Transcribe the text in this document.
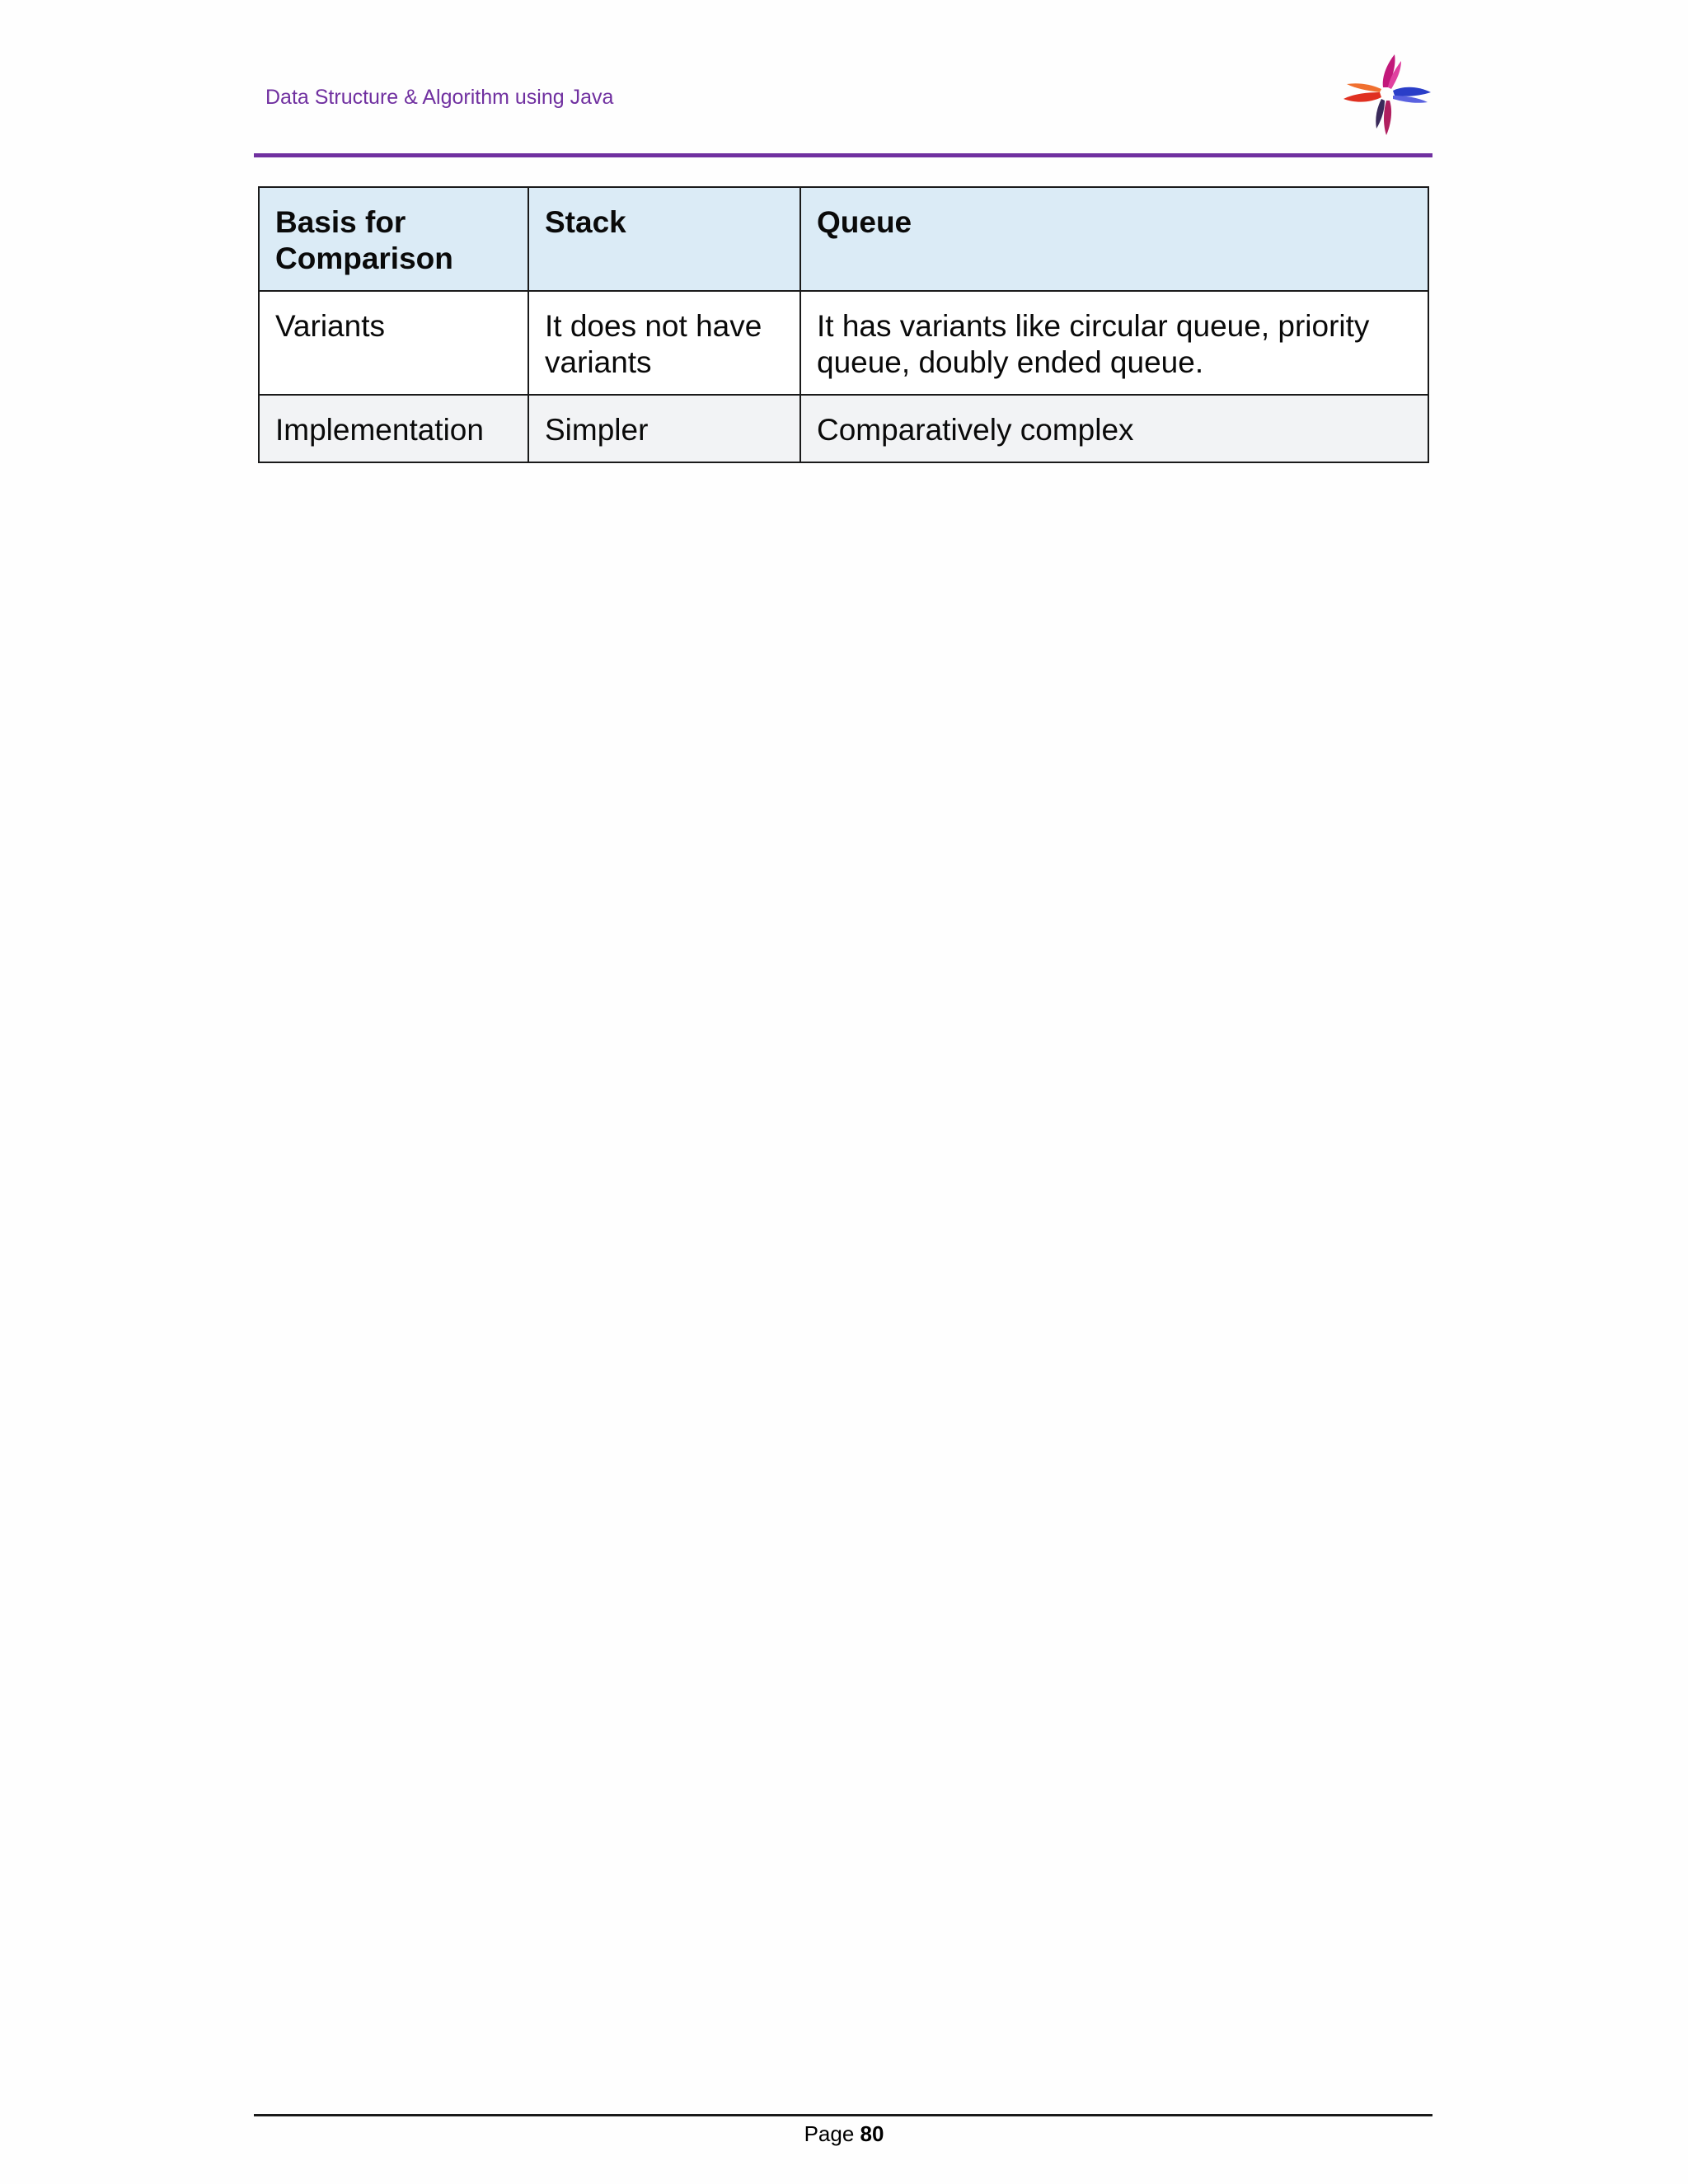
Data Structure & Algorithm using Java
Basis for Comparison	Stack	Queue
Variants	It does not have variants	It has variants like circular queue, priority queue, doubly ended queue.
Implementation	Simpler	Comparatively complex
Page 80
